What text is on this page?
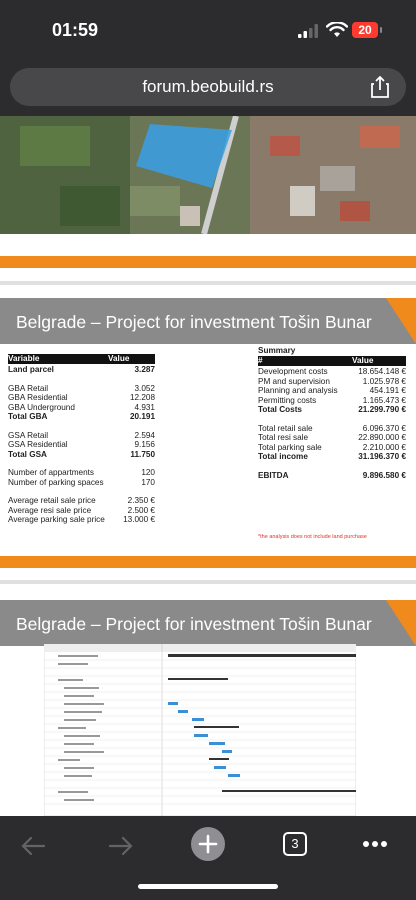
01:59	20
forum.beobuild.rs
Belgrade – Project for investment Tošin Bunar
Variable	Value
Land parcel	3.287
GBA Retail	3.052
GBA Residential	12.208
GBA Underground	4.931
Total GBA	20.191
GSA Retail	2.594
GSA Residential	9.156
Total GSA	11.750
Number of appartments	120
Number of parking spaces	170
Average retail sale price	2.350 €
Average resi sale price	2.500 €
Average parking sale price 13.000 €
Summary
#	Value
Development costs	18.654.148 €
PM and supervision	1.025.978 €
Planning and analysis	454.191 €
Permitting costs	1.165.473 €
Total Costs	21.299.790 €
Total retail sale	6.096.370 €
Total resi sale	22.890.000 €
Total parking sale	2.210.000 €
Total income	31.196.370 €
EBITDA	9.896.580 €
*the analysis does not include land purchase
Belgrade – Project for investment Tošin Bunar
3
